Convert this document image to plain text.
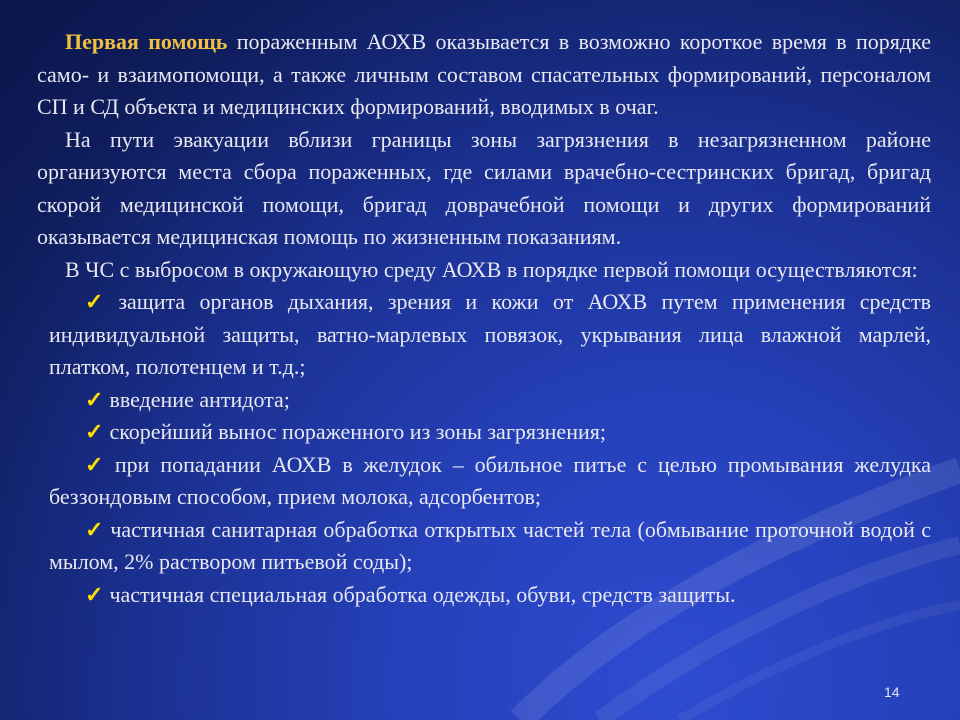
Первая помощь пораженным АОХВ оказывается в возможно короткое время в порядке само- и взаимопомощи, а также личным составом спасательных формирований, персоналом СП и СД объекта и медицинских формирований, вводимых в очаг.

На пути эвакуации вблизи границы зоны загрязнения в незагрязненном районе организуются места сбора пораженных, где силами врачебно-сестринских бригад, бригад скорой медицинской помощи, бригад доврачебной помощи и других формирований оказывается медицинская помощь по жизненным показаниям.

В ЧС с выбросом в окружающую среду АОХВ в порядке первой помощи осуществляются:

✓ защита органов дыхания, зрения и кожи от АОХВ путем применения средств индивидуальной защиты, ватно-марлевых повязок, укрывания лица влажной марлей, платком, полотенцем и т.д.;

✓ введение антидота;

✓ скорейший вынос пораженного из зоны загрязнения;

✓ при попадании АОХВ в желудок – обильное питье с целью промывания желудка беззондовым способом, прием молока, адсорбентов;

✓ частичная санитарная обработка открытых частей тела (обмывание проточной водой с мылом, 2% раствором питьевой соды);

✓ частичная специальная обработка одежды, обуви, средств защиты.

14
